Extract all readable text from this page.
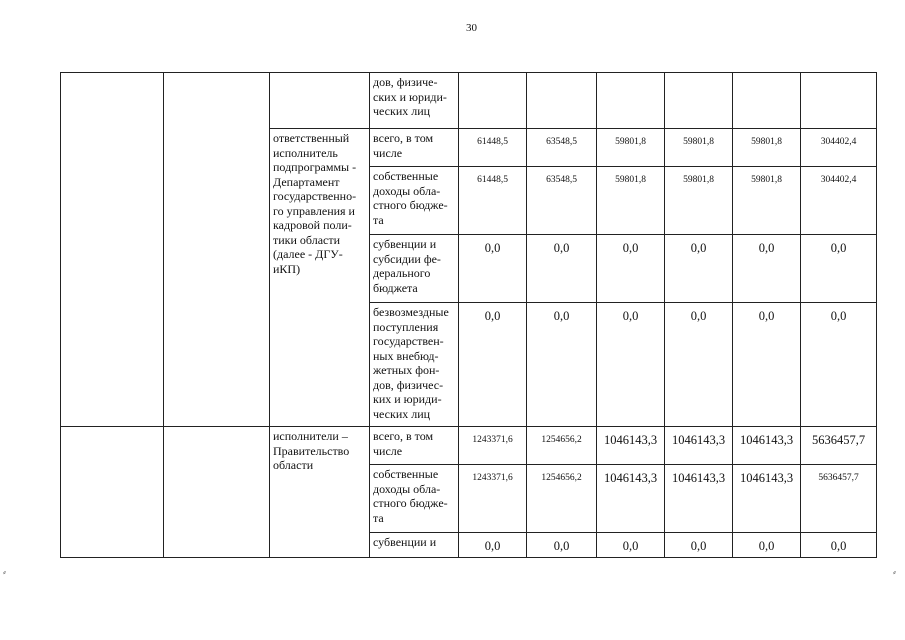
30
⸗	⸗
			дов, физиче-ских и юриди-ческих лиц						
		ответственный исполнитель подпрограммы - Департамент государственно-го управления и кадровой поли-тики области (далее - ДГУ-иКП)	всего, в том числе	61448,5	63548,5	59801,8	59801,8	59801,8	304402,4
			собственные доходы обла-стного бюдже-та	61448,5	63548,5	59801,8	59801,8	59801,8	304402,4
			субвенции и субсидии фе-дерального бюджета	0,0	0,0	0,0	0,0	0,0	0,0
			безвозмездные поступления государствен-ных внебюд-жетных фон-дов, физичес-ких и юриди-ческих лиц	0,0	0,0	0,0	0,0	0,0	0,0
		исполнители – Правительство области	всего, в том числе	1243371,6	1254656,2	1046143,3	1046143,3	1046143,3	5636457,7
			собственные доходы обла-стного бюдже-та	1243371,6	1254656,2	1046143,3	1046143,3	1046143,3	5636457,7
			субвенции и	0,0	0,0	0,0	0,0	0,0	0,0
